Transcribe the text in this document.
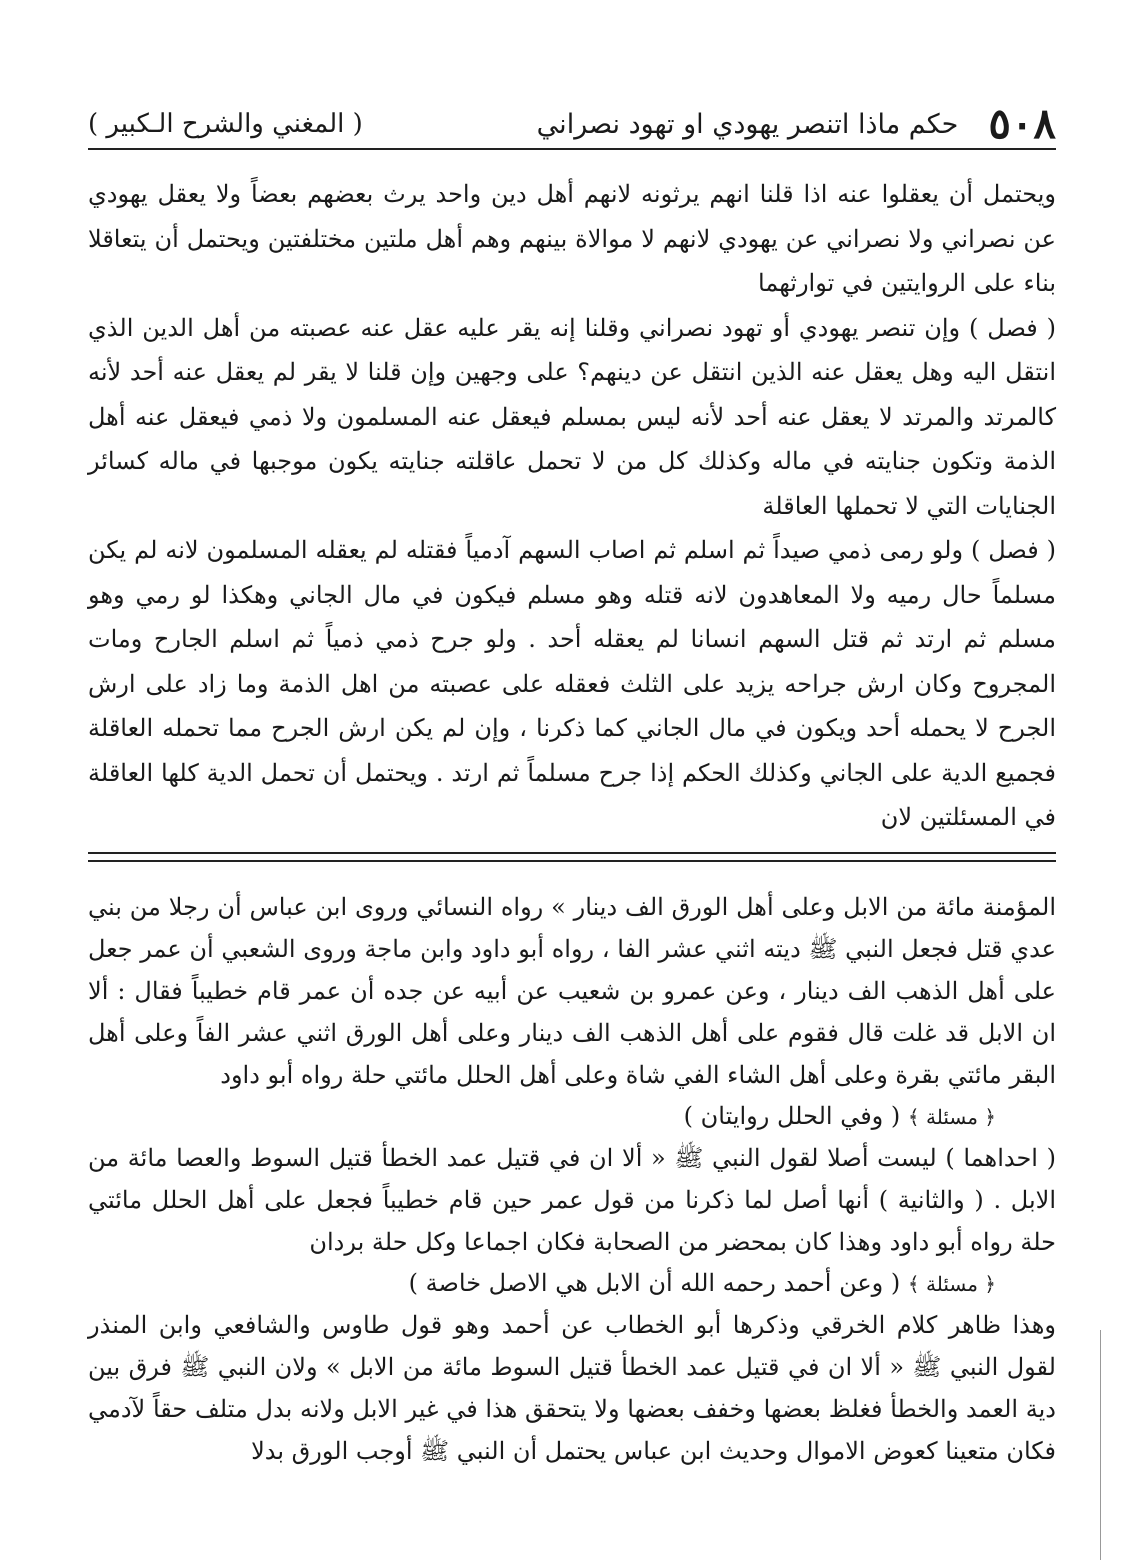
٥٠٨
حكم ماذا اتنصر يهودي او تهود نصراني
( المغني والشرح الـكبير )

ويحتمل أن يعقلوا عنه اذا قلنا انهم يرثونه لانهم أهل دين واحد يرث بعضهم بعضاً ولا يعقل يهودي عن نصراني ولا نصراني عن يهودي لانهم لا موالاة بينهم وهم أهل ملتين مختلفتين ويحتمل أن يتعاقلا بناء على الروايتين في توارثهما

( فصل ) وإن تنصر يهودي أو تهود نصراني وقلنا إنه يقر عليه عقل عنه عصبته من أهل الدين الذي انتقل اليه وهل يعقل عنه الذين انتقل عن دينهم؟ على وجهين وإن قلنا لا يقر لم يعقل عنه أحد لأنه كالمرتد والمرتد لا يعقل عنه أحد لأنه ليس بمسلم فيعقل عنه المسلمون ولا ذمي فيعقل عنه أهل الذمة وتكون جنايته في ماله وكذلك كل من لا تحمل عاقلته جنايته يكون موجبها في ماله كسائر الجنايات التي لا تحملها العاقلة

( فصل ) ولو رمى ذمي صيداً ثم اسلم ثم اصاب السهم آدمياً فقتله لم يعقله المسلمون لانه لم يكن مسلماً حال رميه ولا المعاهدون لانه قتله وهو مسلم فيكون في مال الجاني وهكذا لو رمي وهو مسلم ثم ارتد ثم قتل السهم انسانا لم يعقله أحد . ولو جرح ذمي ذمياً ثم اسلم الجارح ومات المجروح وكان ارش جراحه يزيد على الثلث فعقله على عصبته من اهل الذمة وما زاد على ارش الجرح لا يحمله أحد ويكون في مال الجاني كما ذكرنا ، وإن لم يكن ارش الجرح مما تحمله العاقلة فجميع الدية على الجاني وكذلك الحكم إذا جرح مسلماً ثم ارتد . ويحتمل أن تحمل الدية كلها العاقلة في المسئلتين لان

المؤمنة مائة من الابل وعلى أهل الورق الف دينار » رواه النسائي وروى ابن عباس أن رجلا من بني عدي قتل فجعل النبي ﷺ ديته اثني عشر الفا ، رواه أبو داود وابن ماجة وروى الشعبي أن عمر جعل على أهل الذهب الف دينار ، وعن عمرو بن شعيب عن أبيه عن جده أن عمر قام خطيباً فقال : ألا ان الابل قد غلت قال فقوم على أهل الذهب الف دينار وعلى أهل الورق اثني عشر الفاً وعلى أهل البقر مائتي بقرة وعلى أهل الشاء الفي شاة وعلى أهل الحلل مائتي حلة رواه أبو داود

﴿ مسئلة ﴾ ( وفي الحلل روايتان )

( احداهما ) ليست أصلا لقول النبي ﷺ « ألا ان في قتيل عمد الخطأ قتيل السوط والعصا مائة من الابل . ( والثانية ) أنها أصل لما ذكرنا من قول عمر حين قام خطيباً فجعل على أهل الحلل مائتي حلة رواه أبو داود وهذا كان بمحضر من الصحابة فكان اجماعا وكل حلة بردان

﴿ مسئلة ﴾ ( وعن أحمد رحمه الله أن الابل هي الاصل خاصة )

وهذا ظاهر كلام الخرقي وذكرها أبو الخطاب عن أحمد وهو قول طاوس والشافعي وابن المنذر لقول النبي ﷺ « ألا ان في قتيل عمد الخطأ قتيل السوط مائة من الابل » ولان النبي ﷺ فرق بين دية العمد والخطأ فغلظ بعضها وخفف بعضها ولا يتحقق هذا في غير الابل ولانه بدل متلف حقاً لآدمي فكان متعينا كعوض الاموال وحديث ابن عباس يحتمل أن النبي ﷺ أوجب الورق بدلا
